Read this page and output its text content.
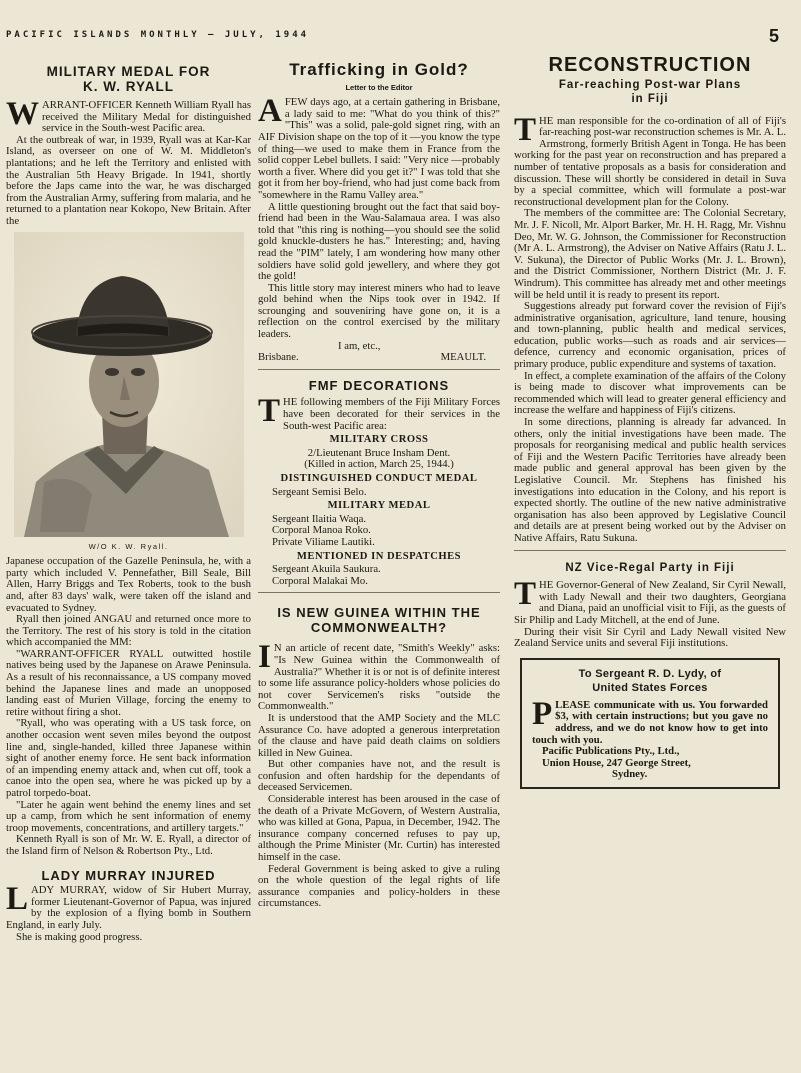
PACIFIC ISLANDS MONTHLY — JULY, 1944	5
MILITARY MEDAL FOR
K. W. RYALL
W ARRANT-OFFICER Kenneth William Ryall has received the Military Medal for distinguished service in the South-west Pacific area.

At the outbreak of war, in 1939, Ryall was at Kar-Kar Island, as overseer on one of W. M. Middleton's plantations; and he left the Territory and enlisted with the Australian 5th Heavy Brigade. In 1941, shortly before the Japs came into the war, he was discharged from the Australian Army, suffering from malaria, and he returned to a plantation near Kokopo, New Britain. After the

W/O K. W. Ryall.

Japanese occupation of the Gazelle Peninsula, he, with a party which included V. Pennefather, Bill Seale, Bill Allen, Harry Briggs and Tex Roberts, took to the bush and, after 83 days' walk, were taken off the island and evacuated to Sydney.

Ryall then joined ANGAU and returned once more to the Territory. The rest of his story is told in the citation which accompanied the MM:

"WARRANT-OFFICER RYALL outwitted hostile natives being used by the Japanese on Arawe Peninsula. As a result of his reconnaissance, a US company moved behind the Japanese lines and made an unopposed landing east of Murien Village, forcing the enemy to retire without firing a shot.

"Ryall, who was operating with a US task force, on another occasion went seven miles beyond the outpost line and, single-handed, killed three Japanese within sight of another enemy force. He sent back information of an impending enemy attack and, when cut off, took a canoe into the open sea, where he was picked up by a patrol torpedo-boat.

"Later he again went behind the enemy lines and set up a camp, from which he sent information of enemy troop movements, concentrations, and artillery targets."

Kenneth Ryall is son of Mr. W. E. Ryall, a director of the Island firm of Nelson & Robertson Pty., Ltd.

LADY MURRAY INJURED
L ADY MURRAY, widow of Sir Hubert Murray, former Lieutenant-Governor of Papua, was injured by the explosion of a flying bomb in Southern England, in early July.

She is making good progress.

Trafficking in Gold?
Letter to the Editor
A FEW days ago, at a certain gathering in Brisbane, a lady said to me: "What do you think of this?" "This" was a solid, pale-gold signet ring, with an AIF Division shape on the top of it —you know the type of thing—we used to make them in France from the solid copper Lebel bullets. I said: "Very nice —probably worth a fiver. Where did you get it?" I was told that she got it from her boy-friend, who had just come back from "somewhere in the Ramu Valley area."

A little questioning brought out the fact that said boy-friend had been in the Wau-Salamaua area. I was also told that "this ring is nothing—you should see the solid gold knuckle-dusters he has." Interesting; and, having read the "PIM" lately, I am wondering how many other soldiers have solid gold jewellery, and where they got the gold!

This little story may interest miners who had to leave gold behind when the Nips took over in 1942. If scrounging and souveniring have gone on, it is a reflection on the control exercised by the military leaders.

I am, etc.,
Brisbane.	MEAULT.
FMF DECORATIONS
T HE following members of the Fiji Military Forces have been decorated for their services in the South-west Pacific area:

MILITARY CROSS
2/Lieutenant Bruce Insham Dent.
(Killed in action, March 25, 1944.)
DISTINGUISHED CONDUCT MEDAL
Sergeant Semisi Belo.
MILITARY MEDAL
Sergeant Ilaitia Waqa.
Corporal Manoa Roko.
Private Viliame Lautiki.
MENTIONED IN DESPATCHES
Sergeant Akuila Saukura.
Corporal Malakai Mo.
IS NEW GUINEA WITHIN THE
COMMONWEALTH?
I N an article of recent date, "Smith's Weekly" asks: "Is New Guinea within the Commonwealth of Australia?" Whether it is or not is of definite interest to some life assurance policy-holders whose policies do not cover Servicemen's risks "outside the Commonwealth."

It is understood that the AMP Society and the MLC Assurance Co. have adopted a generous interpretation of the clause and have paid death claims on soldiers killed in New Guinea.

But other companies have not, and the result is confusion and often hardship for the dependants of deceased Servicemen.

Considerable interest has been aroused in the case of the death of a Private McGovern, of Western Australia, who was killed at Gona, Papua, in December, 1942. The insurance company concerned refuses to pay up, although the Prime Minister (Mr. Curtin) has interested himself in the case.

Federal Government is being asked to give a ruling on the whole question of the legal rights of life assurance companies and policy-holders in these circumstances.

RECONSTRUCTION
Far-reaching Post-war Plans
in Fiji
T HE man responsible for the co-ordination of all of Fiji's far-reaching post-war reconstruction schemes is Mr. A. L. Armstrong, formerly British Agent in Tonga. He has been working for the past year on reconstruction and has prepared a number of tentative proposals as a basis for consideration and discussion. These will shortly be considered in detail in Suva by a special committee, which will formulate a post-war reconstructional development plan for the Colony.

The members of the committee are: The Colonial Secretary, Mr. J. F. Nicoll, Mr. Alport Barker, Mr. H. H. Ragg, Mr. Vishnu Deo, Mr. W. G. Johnson, the Commissioner for Reconstruction (Mr A. L. Armstrong), the Adviser on Native Affairs (Ratu J. L. V. Sukuna), the Director of Public Works (Mr. J. L. Brown), and the District Commissioner, Northern District (Mr. J. F. Windrum). This committee has already met and other meetings will be held until it is ready to present its report.

Suggestions already put forward cover the revision of Fiji's administrative organisation, agriculture, land tenure, housing and town-planning, public health and medical services, education, public works—such as roads and air services—defence, currency and economic organisation, prices of primary produce, public expenditure and systems of taxation.

In effect, a complete examination of the affairs of the Colony is being made to discover what improvements can be recommended which will lead to greater general efficiency and increase the welfare and happiness of Fiji's citizens.

In some directions, planning is already far advanced. In others, only the initial investigations have been made. The proposals for reorganising medical and public health services of Fiji and the Western Pacific Territories have already been made public and general approval has been given by the Legislative Council. Mr. Stephens has finished his investigations into education in the Colony, and his report is expected shortly. The outline of the new native administrative organisation has also been approved by Legislative Council and details are at present being worked out by the Adviser on Native Affairs, Ratu Sukuna.

NZ Vice-Regal Party in Fiji
T HE Governor-General of New Zealand, Sir Cyril Newall, with Lady Newall and their two daughters, Georgiana and Diana, paid an unofficial visit to Fiji, as the guests of Sir Philip and Lady Mitchell, at the end of June.

During their visit Sir Cyril and Lady Newall visited New Zealand Service units and several Fiji institutions.

To Sergeant R. D. Lydy, of
United States Forces
P LEASE communicate with us. You forwarded $3, with certain instructions; but you gave no address, and we do not know how to get into touch with you.

Pacific Publications Pty., Ltd.,
Union House, 247 George Street,
Sydney.
